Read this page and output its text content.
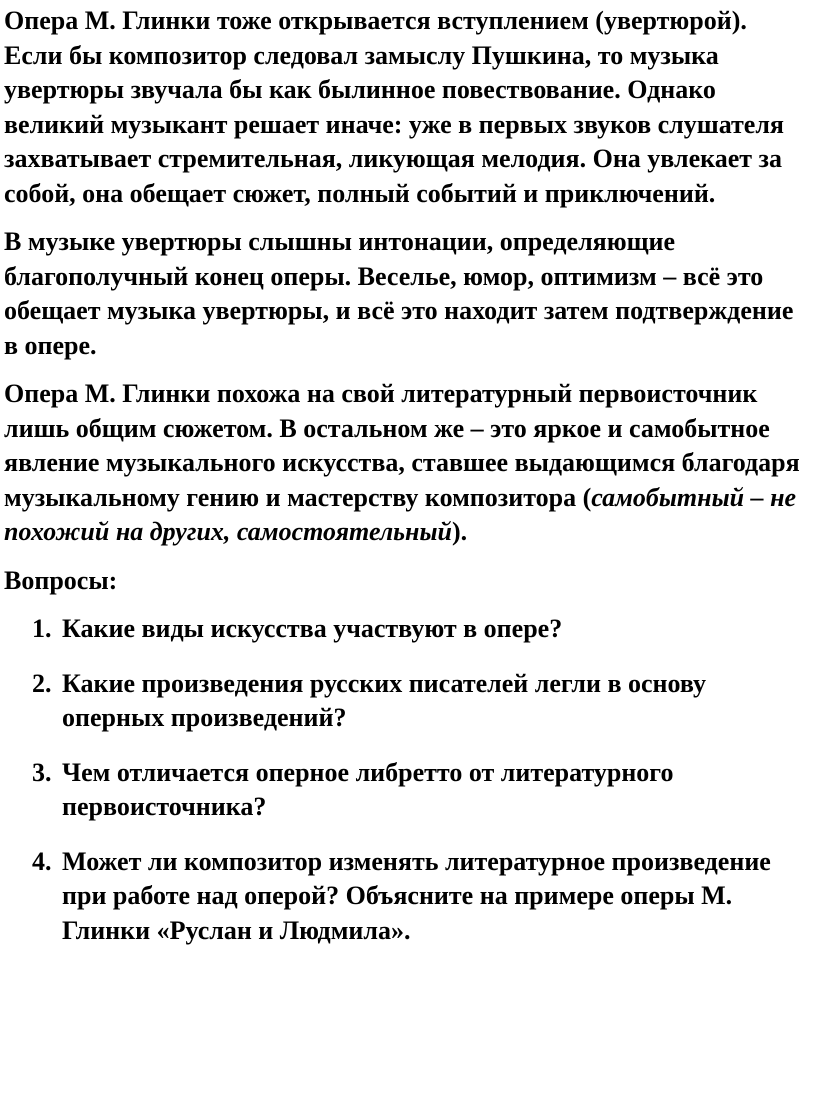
Опера М. Глинки тоже открывается вступлением (увертюрой). Если бы композитор следовал замыслу Пушкина, то музыка увертюры звучала бы как былинное повествование. Однако великий музыкант решает иначе: уже в первых звуков слушателя захватывает стремительная, ликующая мелодия. Она увлекает за собой, она обещает сюжет, полный событий и приключений.

В музыке увертюры слышны интонации, определяющие благополучный конец оперы. Веселье, юмор, оптимизм – всё это обещает музыка увертюры, и всё это находит затем подтверждение в опере.

Опера М. Глинки похожа на свой литературный первоисточник лишь общим сюжетом. В остальном же – это яркое и самобытное явление музыкального искусства, ставшее выдающимся благодаря музыкальному гению и мастерству композитора (самобытный – не похожий на других, самостоятельный).

Вопросы:

1. Какие виды искусства участвуют в опере?
2. Какие произведения русских писателей легли в основу оперных произведений?
3. Чем отличается оперное либретто от литературного первоисточника?
4. Может ли композитор изменять литературное произведение при работе над оперой? Объясните на примере оперы М. Глинки «Руслан и Людмила».
